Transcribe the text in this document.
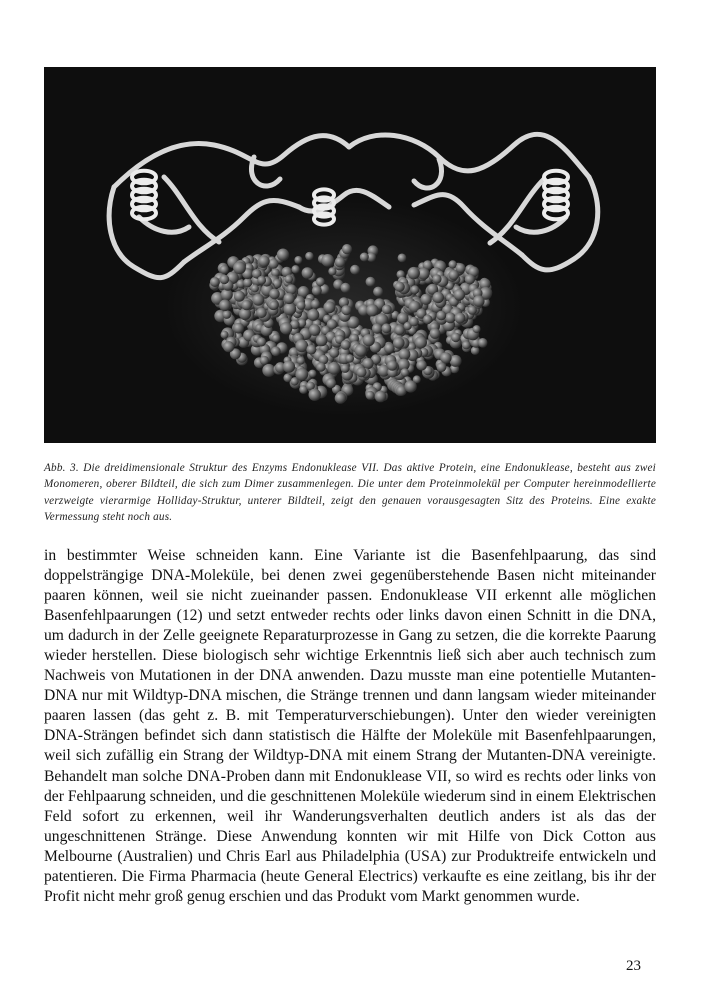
Abb. 3. Die dreidimensionale Struktur des Enzyms Endonuklease VII. Das aktive Protein, eine Endonuklease, besteht aus zwei Monomeren, oberer Bildteil, die sich zum Dimer zusammenlegen. Die unter dem Proteinmolekül per Computer hereinmodellierte verzweigte vierarmige Holliday-Struktur, unterer Bildteil, zeigt den genauen vorausgesagten Sitz des Proteins. Eine exakte Vermessung steht noch aus.

in bestimmter Weise schneiden kann. Eine Variante ist die Basenfehlpaarung, das sind doppelsträngige DNA-Moleküle, bei denen zwei gegenüberstehende Basen nicht miteinander paaren können, weil sie nicht zueinander passen. Endonuklease VII erkennt alle möglichen Basenfehlpaarungen (12) und setzt entweder rechts oder links davon einen Schnitt in die DNA, um dadurch in der Zelle geeignete Reparaturprozesse in Gang zu setzen, die die korrekte Paarung wieder herstellen. Diese biologisch sehr wichtige Erkenntnis ließ sich aber auch technisch zum Nachweis von Mutationen in der DNA anwenden. Dazu musste man eine potentielle Mutanten-DNA nur mit Wildtyp-DNA mischen, die Stränge trennen und dann langsam wieder miteinander paaren lassen (das geht z. B. mit Temperaturverschiebungen). Unter den wieder vereinigten DNA-Strängen befindet sich dann statistisch die Hälfte der Moleküle mit Basenfehlpaarungen, weil sich zufällig ein Strang der Wildtyp-DNA mit einem Strang der Mutanten-DNA vereinigte. Behandelt man solche DNA-Proben dann mit Endonuklease VII, so wird es rechts oder links von der Fehlpaarung schneiden, und die geschnittenen Moleküle wiederum sind in einem Elektrischen Feld sofort zu erkennen, weil ihr Wanderungsverhalten deutlich anders ist als das der ungeschnittenen Stränge. Diese Anwendung konnten wir mit Hilfe von Dick Cotton aus Melbourne (Australien) und Chris Earl aus Philadelphia (USA) zur Produktreife entwickeln und patentieren. Die Firma Pharmacia (heute General Electrics) verkaufte es eine zeitlang, bis ihr der Profit nicht mehr groß genug erschien und das Produkt vom Markt genommen wurde.

23
